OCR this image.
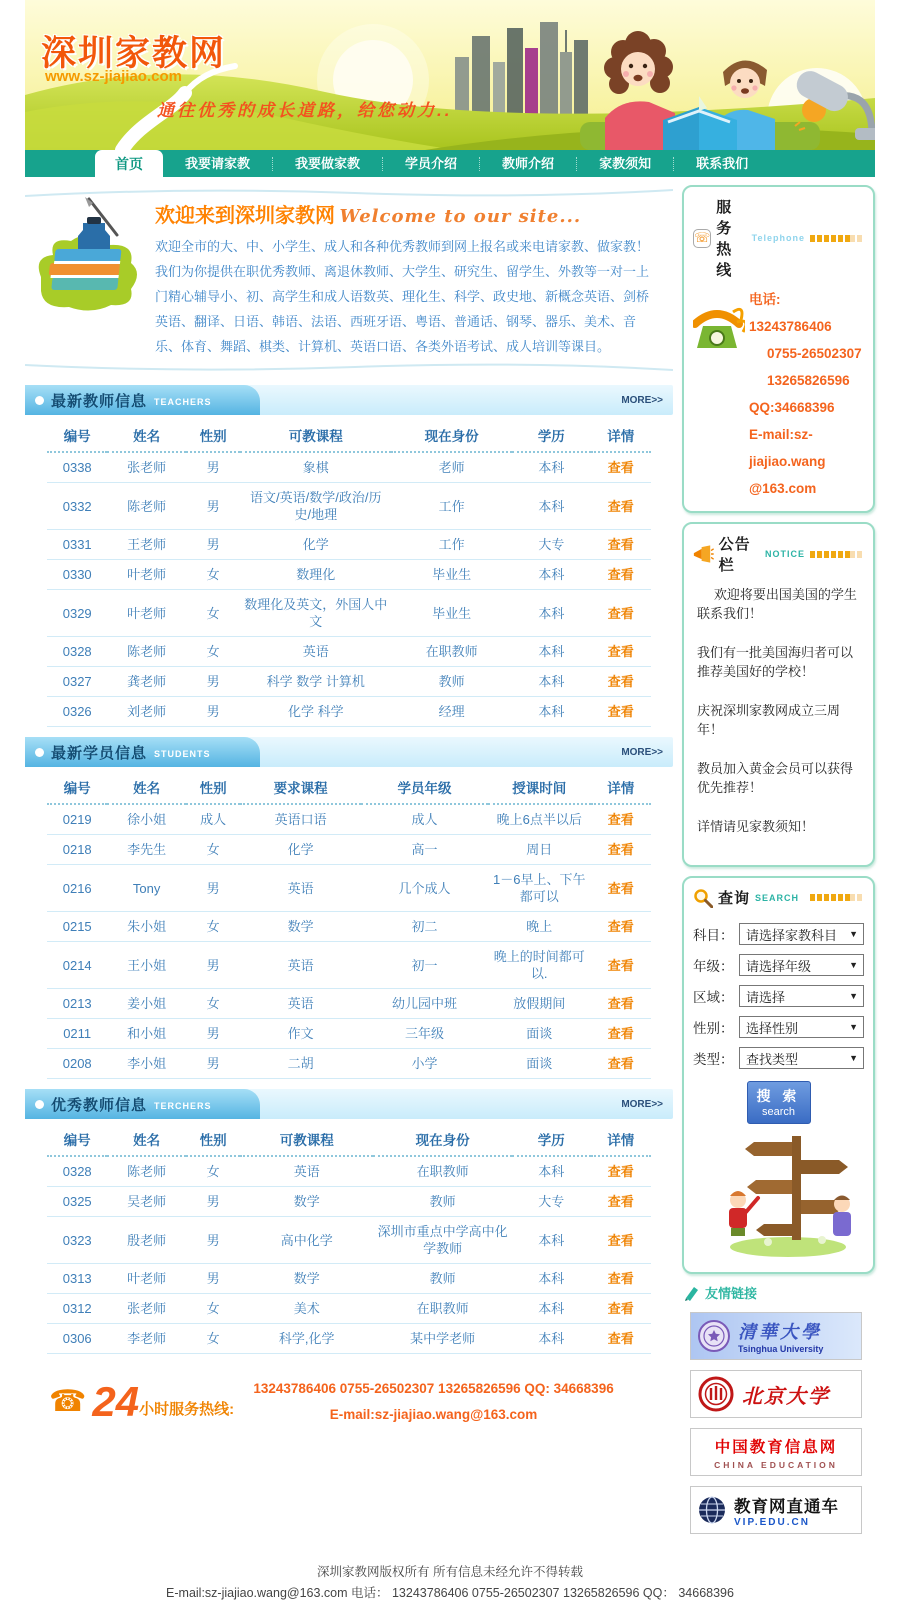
深圳家教网
www.sz-jiajiao.com
通往优秀的成长道路，给您动力..
首页	我要请家教	我要做家教	学员介绍	教师介绍	家教须知	联系我们
欢迎来到深圳家教网 Welcome to our site...
欢迎全市的大、中、小学生、成人和各种优秀教师到网上报名或来电请家教、做家教！
我们为你提供在职优秀教师、离退休教师、大学生、研究生、留学生、外教等一对一上门精心辅导小、初、高学生和成人语数英、理化生、科学、政史地、新概念英语、剑桥英语、翻译、日语、韩语、法语、西班牙语、粤语、普通话、钢琴、器乐、美术、音乐、体育、舞蹈、棋类、计算机、英语口语、各类外语考试、成人培训等课目。
最新教师信息 TEACHERS	MORE>>
编号	姓名	性别	可教课程	现在身份	学历	详情
0338	张老师	男	象棋	老师	本科	查看
0332	陈老师	男	语文/英语/数学/政治/历史/地理	工作	本科	查看
0331	王老师	男	化学	工作	大专	查看
0330	叶老师	女	数理化	毕业生	本科	查看
0329	叶老师	女	数理化及英文，外国人中文	毕业生	本科	查看
0328	陈老师	女	英语	在职教师	本科	查看
0327	龚老师	男	科学 数学 计算机	教师	本科	查看
0326	刘老师	男	化学 科学	经理	本科	查看
最新学员信息 STUDENTS	MORE>>
编号	姓名	性别	要求课程	学员年级	授课时间	详情
0219	徐小姐	成人	英语口语	成人	晚上6点半以后	查看
0218	李先生	女	化学	高一	周日	查看
0216	Tony	男	英语	几个成人	1－6早上、下午都可以	查看
0215	朱小姐	女	数学	初二	晚上	查看
0214	王小姐	男	英语	初一	晚上的时间都可以.	查看
0213	姜小姐	女	英语	幼儿园中班	放假期间	查看
0211	和小姐	男	作文	三年级	面谈	查看
0208	李小姐	男	二胡	小学	面谈	查看
优秀教师信息 TERCHERS	MORE>>
编号	姓名	性别	可教课程	现在身份	学历	详情
0328	陈老师	女	英语	在职教师	本科	查看
0325	吴老师	男	数学	教师	大专	查看
0323	殷老师	男	高中化学	深圳市重点中学高中化学教师	本科	查看
0313	叶老师	男	数学	教师	本科	查看
0312	张老师	女	美术	在职教师	本科	查看
0306	李老师	女	科学,化学	某中学老师	本科	查看
☎ 24 小时服务热线:
13243786406 0755-26502307 13265826596 QQ: 34668396
E-mail:sz-jiajiao.wang@163.com
☏
服务热线
Telephone
电话: 13243786406
0755-26502307
13265826596
QQ:34668396
E-mail:sz-jiajiao.wang
@163.com
公告栏
NOTICE

欢迎将要出国美国的学生联系我们！

我们有一批美国海归者可以推荐美国好的学校！

庆祝深圳家教网成立三周年！

教员加入黄金会员可以获得优先推荐！

详情请见家教须知！

查询 SEARCH
科目： 请选择家教科目
▼
年级： 请选择年级
▼
区域： 请选择
▼
性别： 选择性别
▼
类型： 查找类型
▼
搜 索
search
友情链接
清華大學
Tsinghua University
北京大学
中国教育信息网
CHINA EDUCATION
教育网直通车
VIP.EDU.CN
深圳家教网版权所有 所有信息未经允许不得转载
E-mail:sz-jiajiao.wang@163.com 电话： 13243786406 0755-26502307 13265826596 QQ： 34668396
